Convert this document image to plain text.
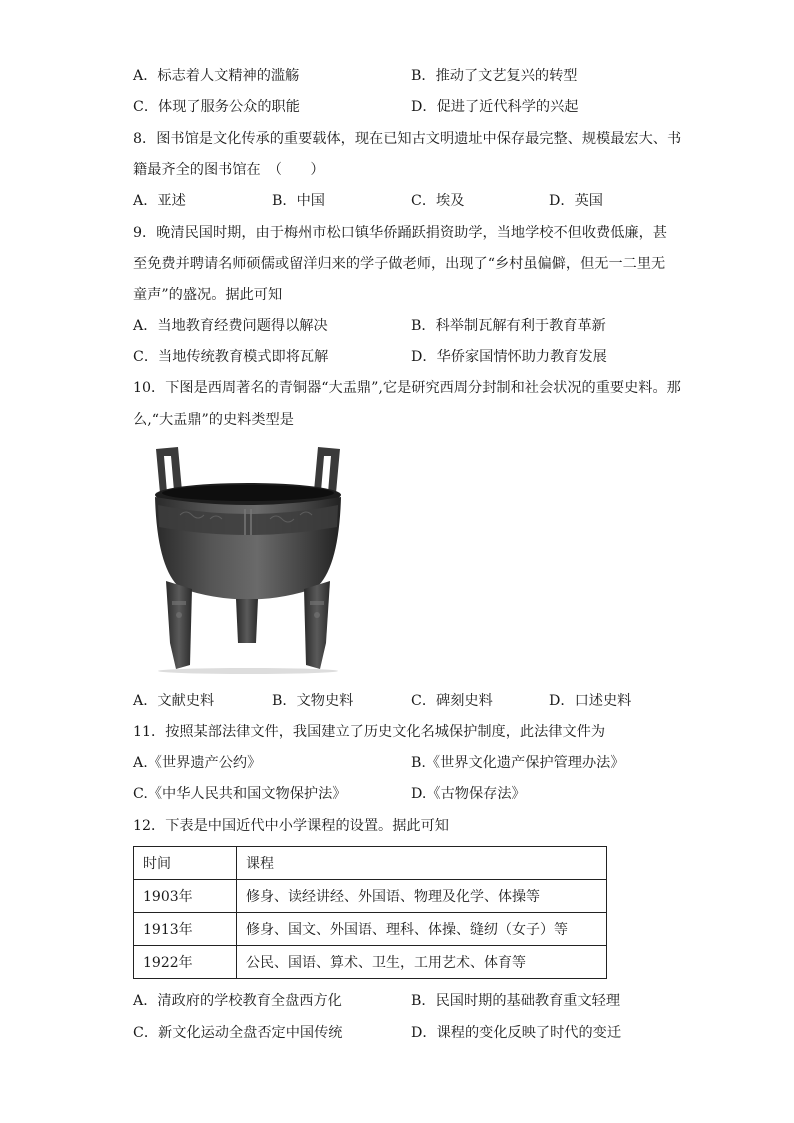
A．标志着人文精神的滥觞	B．推动了文艺复兴的转型
C．体现了服务公众的职能	D．促进了近代科学的兴起
8．图书馆是文化传承的重要载体，现在已知古文明遗址中保存最完整、规模最宏大、书
籍最齐全的图书馆在　（　　）
A．亚述	B．中国	C．埃及	D．英国
9．晚清民国时期，由于梅州市松口镇华侨踊跃捐资助学，当地学校不但收费低廉，甚
至免费并聘请名师硕儒或留洋归来的学子做老师，出现了“乡村虽偏僻，但无一二里无
童声”的盛况。据此可知
A．当地教育经费问题得以解决	B．科举制瓦解有利于教育革新
C．当地传统教育模式即将瓦解	D．华侨家国情怀助力教育发展
10．下图是西周著名的青铜器“大盂鼎”,它是研究西周分封制和社会状况的重要史料。那
么,“大盂鼎”的史料类型是
A．文献史料	B．文物史料	C．碑刻史料	D．口述史料
11．按照某部法律文件，我国建立了历史文化名城保护制度，此法律文件为
A.《世界遗产公约》	B.《世界文化遗产保护管理办法》
C.《中华人民共和国文物保护法》	D.《古物保存法》
12．下表是中国近代中小学课程的设置。据此可知
时间	课程
1903年	修身、读经讲经、外国语、物理及化学、体操等
1913年	修身、国文、外国语、理科、体操、缝纫（女子）等
1922年	公民、国语、算术、卫生，工用艺术、体育等
A．清政府的学校教育全盘西方化	B．民国时期的基础教育重文轻理
C．新文化运动全盘否定中国传统	D．课程的变化反映了时代的变迁
